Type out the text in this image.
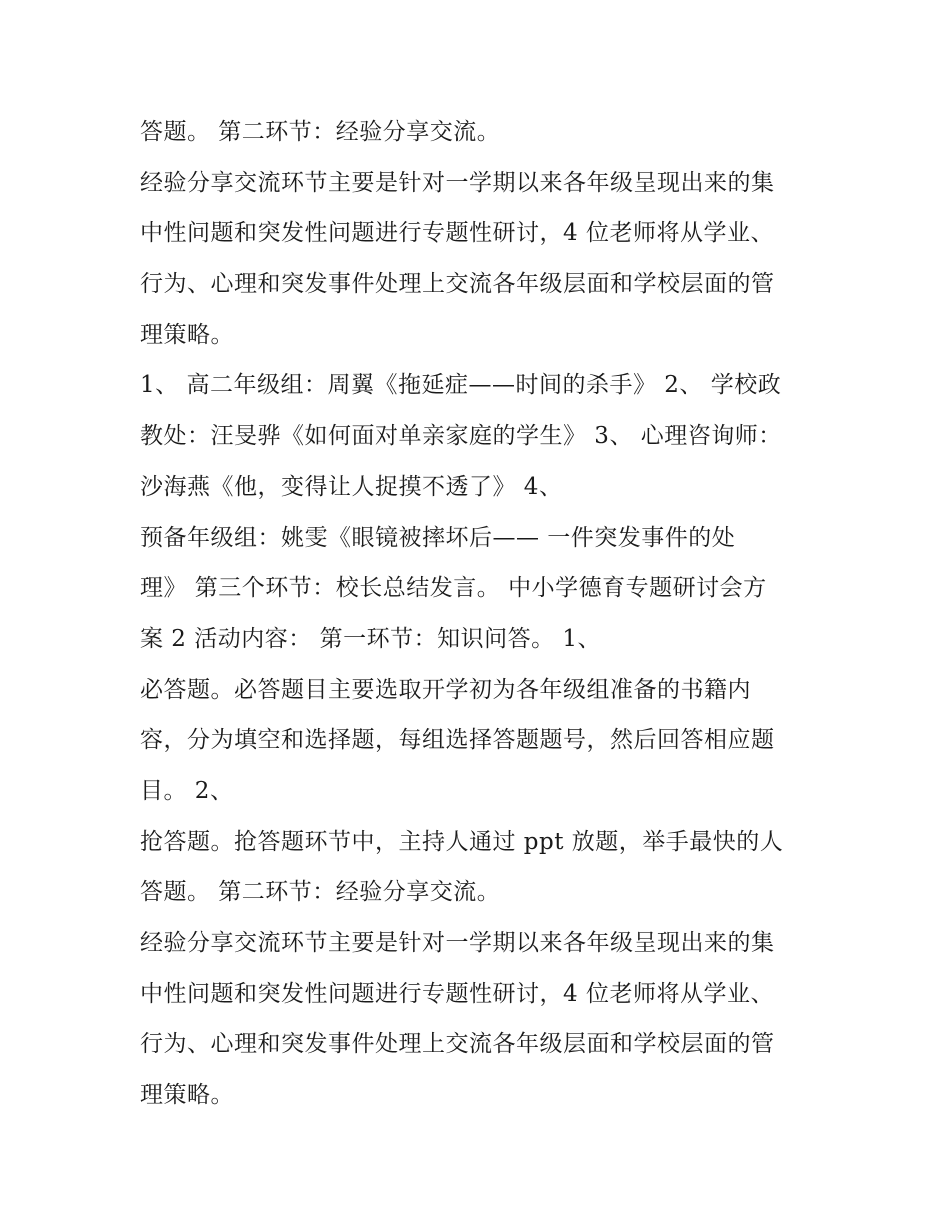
答题。 第二环节：经验分享交流。
经验分享交流环节主要是针对一学期以来各年级呈现出来的集
中性问题和突发性问题进行专题性研讨，4 位老师将从学业、
行为、心理和突发事件处理上交流各年级层面和学校层面的管
理策略。
1、 高二年级组：周翼《拖延症——时间的杀手》 2、 学校政
教处：汪旻骅《如何面对单亲家庭的学生》 3、 心理咨询师：
沙海燕《他，变得让人捉摸不透了》 4、
预备年级组：姚雯《眼镜被摔坏后—— 一件突发事件的处
理》 第三个环节：校长总结发言。 中小学德育专题研讨会方
案 2 活动内容： 第一环节：知识问答。 1、
必答题。必答题目主要选取开学初为各年级组准备的书籍内
容，分为填空和选择题，每组选择答题题号，然后回答相应题
目。 2、
抢答题。抢答题环节中，主持人通过 ppt 放题，举手最快的人
答题。 第二环节：经验分享交流。
经验分享交流环节主要是针对一学期以来各年级呈现出来的集
中性问题和突发性问题进行专题性研讨，4 位老师将从学业、
行为、心理和突发事件处理上交流各年级层面和学校层面的管
理策略。
